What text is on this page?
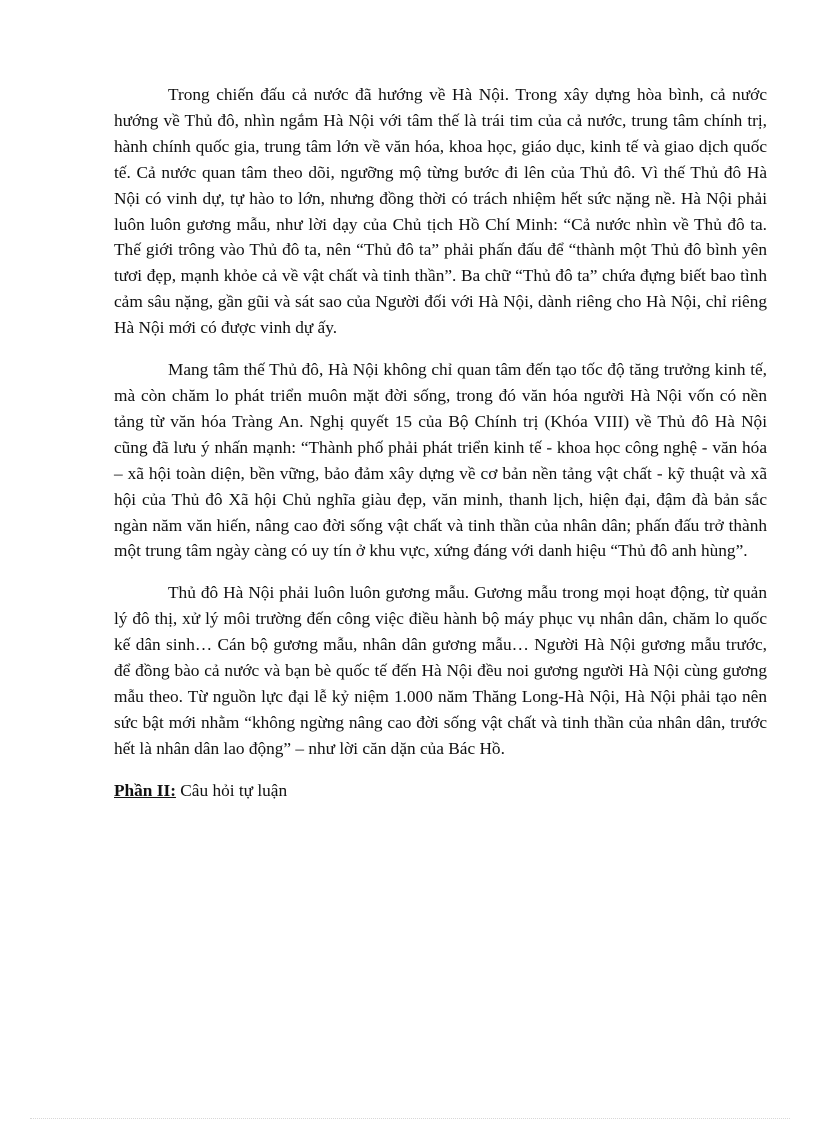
Trong chiến đấu cả nước đã hướng về Hà Nội. Trong xây dựng hòa bình, cả nước hướng về Thủ đô, nhìn ngắm Hà Nội với tâm thế là trái tim của cả nước, trung tâm chính trị, hành chính quốc gia, trung tâm lớn về văn hóa, khoa học, giáo dục, kinh tế và giao dịch quốc tế. Cả nước quan tâm theo dõi, ngưỡng mộ từng bước đi lên của Thủ đô. Vì thế Thủ đô Hà Nội có vinh dự, tự hào to lớn, nhưng đồng thời có trách nhiệm hết sức nặng nề. Hà Nội phải luôn luôn gương mẫu, như lời dạy của Chủ tịch Hồ Chí Minh: “Cả nước nhìn về Thủ đô ta. Thế giới trông vào Thủ đô ta, nên “Thủ đô ta” phải phấn đấu để “thành một Thủ đô bình yên tươi đẹp, mạnh khỏe cả về vật chất và tinh thần”. Ba chữ “Thủ đô ta” chứa đựng biết bao tình cảm sâu nặng, gần gũi và sát sao của Người đối với Hà Nội, dành riêng cho Hà Nội, chỉ riêng Hà Nội mới có được vinh dự ấy.

Mang tâm thế Thủ đô, Hà Nội không chỉ quan tâm đến tạo tốc độ tăng trưởng kinh tế, mà còn chăm lo phát triển muôn mặt đời sống, trong đó văn hóa người Hà Nội vốn có nền tảng từ văn hóa Tràng An. Nghị quyết 15 của Bộ Chính trị (Khóa VIII) về Thủ đô Hà Nội cũng đã lưu ý nhấn mạnh: “Thành phố phải phát triển kinh tế - khoa học công nghệ - văn hóa – xã hội toàn diện, bền vững, bảo đảm xây dựng về cơ bản nền tảng vật chất - kỹ thuật và xã hội của Thủ đô Xã hội Chủ nghĩa giàu đẹp, văn minh, thanh lịch, hiện đại, đậm đà bản sắc ngàn năm văn hiến, nâng cao đời sống vật chất và tinh thần của nhân dân; phấn đấu trở thành một trung tâm ngày càng có uy tín ở khu vực, xứng đáng với danh hiệu “Thủ đô anh hùng”.

Thủ đô Hà Nội phải luôn luôn gương mẫu. Gương mẫu trong mọi hoạt động, từ quản lý đô thị, xử lý môi trường đến công việc điều hành bộ máy phục vụ nhân dân, chăm lo quốc kế dân sinh… Cán bộ gương mẫu, nhân dân gương mẫu… Người Hà Nội gương mẫu trước, để đồng bào cả nước và bạn bè quốc tế đến Hà Nội đều noi gương người Hà Nội cùng gương mẫu theo. Từ nguồn lực đại lễ kỷ niệm 1.000 năm Thăng Long-Hà Nội, Hà Nội phải tạo nên sức bật mới nhằm “không ngừng nâng cao đời sống vật chất và tinh thần của nhân dân, trước hết là nhân dân lao động” – như lời căn dặn của Bác Hồ.

Phần II: Câu hỏi tự luận
